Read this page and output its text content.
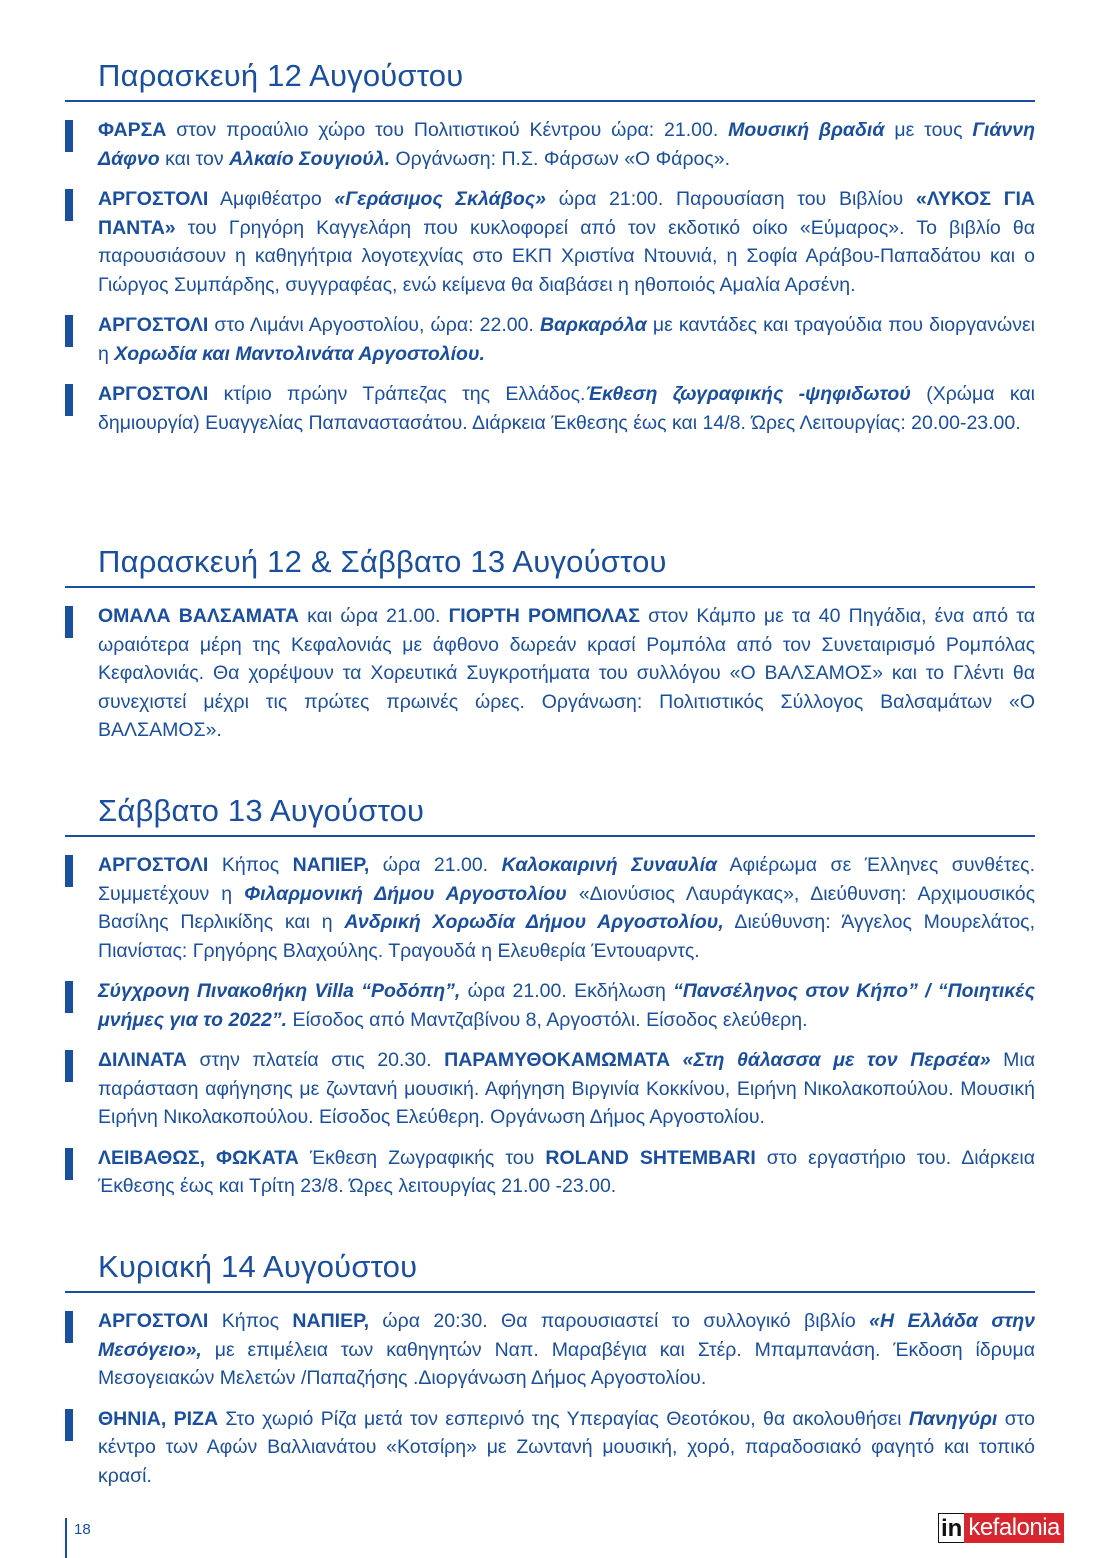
Παρασκευή 12 Αυγούστου
ΦΑΡΣΑ στον προαύλιο χώρο του Πολιτιστικού Κέντρου ώρα: 21.00. Μουσική βραδιά με τους Γιάννη Δάφνο και τον Αλκαίο Σουγιούλ. Οργάνωση: Π.Σ. Φάρσων «Ο Φάρος».
ΑΡΓΟΣΤΟΛΙ Αμφιθέατρο «Γεράσιμος Σκλάβος» ώρα 21:00. Παρουσίαση του Βιβλίου «ΛΥΚΟΣ ΓΙΑ ΠΑΝΤΑ» του Γρηγόρη Καγγελάρη που κυκλοφορεί από τον εκδοτικό οίκο «Εύμαρος». Το βιβλίο θα παρουσιάσουν η καθηγήτρια λογοτεχνίας στο ΕΚΠ Χριστίνα Ντουνιά, η Σοφία Αράβου-Παπαδάτου και ο Γιώργος Συμπάρδης, συγγραφέας, ενώ κείμενα θα διαβάσει η ηθοποιός Αμαλία Αρσένη.
ΑΡΓΟΣΤΟΛΙ στο Λιμάνι Αργοστολίου, ώρα: 22.00. Βαρκαρόλα με καντάδες και τραγούδια που διοργανώνει η Χορωδία και Μαντολινάτα Αργοστολίου.
ΑΡΓΟΣΤΟΛΙ κτίριο πρώην Τράπεζας της Ελλάδος.Έκθεση ζωγραφικής -ψηφιδωτού (Χρώμα και δημιουργία) Ευαγγελίας Παπαναστασάτου. Διάρκεια Έκθεσης έως και 14/8. Ώρες Λειτουργίας: 20.00-23.00.
Παρασκευή 12 & Σάββατο 13 Αυγούστου
ΟΜΑΛΑ ΒΑΛΣΑΜΑΤΑ και ώρα 21.00. ΓΙΟΡΤΗ ΡΟΜΠΟΛΑΣ στον Κάμπο με τα 40 Πηγάδια, ένα από τα ωραιότερα μέρη της Κεφαλονιάς με άφθονο δωρεάν κρασί Ρομπόλα από τον Συνεταιρισμό Ρομπόλας Κεφαλονιάς. Θα χορέψουν τα Χορευτικά Συγκροτήματα του συλλόγου «Ο ΒΑΛΣΑΜΟΣ» και το Γλέντι θα συνεχιστεί μέχρι τις πρώτες πρωινές ώρες. Οργάνωση: Πολιτιστικός Σύλλογος Βαλσαμάτων «Ο ΒΑΛΣΑΜΟΣ».
Σάββατο 13 Αυγούστου
ΑΡΓΟΣΤΟΛΙ Κήπος ΝΑΠΙΕΡ, ώρα 21.00. Καλοκαιρινή Συναυλία Αφιέρωμα σε Έλληνες συνθέτες. Συμμετέχουν η Φιλαρμονική Δήμου Αργοστολίου «Διονύσιος Λαυράγκας», Διεύθυνση: Αρχιμουσικός Βασίλης Περλικίδης και η Ανδρική Χορωδία Δήμου Αργοστολίου, Διεύθυνση: Άγγελος Μουρελάτος, Πιανίστας: Γρηγόρης Βλαχούλης. Τραγουδά η Ελευθερία Έντουαρντς.
Σύγχρονη Πινακοθήκη Villa “Ροδόπη”, ώρα 21.00. Εκδήλωση “Πανσέληνος στον Κήπο” / “Ποιητικές μνήμες για το 2022”. Είσοδος από Μαντζαβίνου 8, Αργοστόλι. Είσοδος ελεύθερη.
ΔΙΛΙΝΑΤΑ στην πλατεία στις 20.30. ΠΑΡΑΜΥΘΟΚΑΜΩΜΑΤΑ «Στη θάλασσα με τον Περσέα» Μια παράσταση αφήγησης με ζωντανή μουσική. Αφήγηση Βιργινία Κοκκίνου, Ειρήνη Νικολακοπούλου. Μουσική Ειρήνη Νικολακοπούλου. Είσοδος Ελεύθερη. Οργάνωση Δήμος Αργοστολίου.
ΛΕΙΒΑΘΩΣ, ΦΩΚΑΤΑ Έκθεση Ζωγραφικής του ROLAND SHTEMBARI στο εργαστήριο του. Διάρκεια Έκθεσης έως και Τρίτη 23/8. Ώρες λειτουργίας 21.00 -23.00.
Κυριακή 14 Αυγούστου
ΑΡΓΟΣΤΟΛΙ Κήπος ΝΑΠΙΕΡ, ώρα 20:30. Θα παρουσιαστεί το συλλογικό βιβλίο «Η Ελλάδα στην Μεσόγειο», με επιμέλεια των καθηγητών Ναπ. Μαραβέγια και Στέρ. Μπαμπανάση. Έκδοση ίδρυμα Μεσογειακών Μελετών /Παπαζήσης .Διοργάνωση Δήμος Αργοστολίου.
ΘΗΝΙΑ, ΡΙΖΑ Στο χωριό Ρίζα μετά τον εσπερινό της Υπεραγίας Θεοτόκου, θα ακολουθήσει Πανηγύρι στο κέντρο των Αφών Βαλλιανάτου «Κοτσίρη» με Ζωντανή μουσική, χορό, παραδοσιακό φαγητό και τοπικό κρασί.
18	in kefalonia
